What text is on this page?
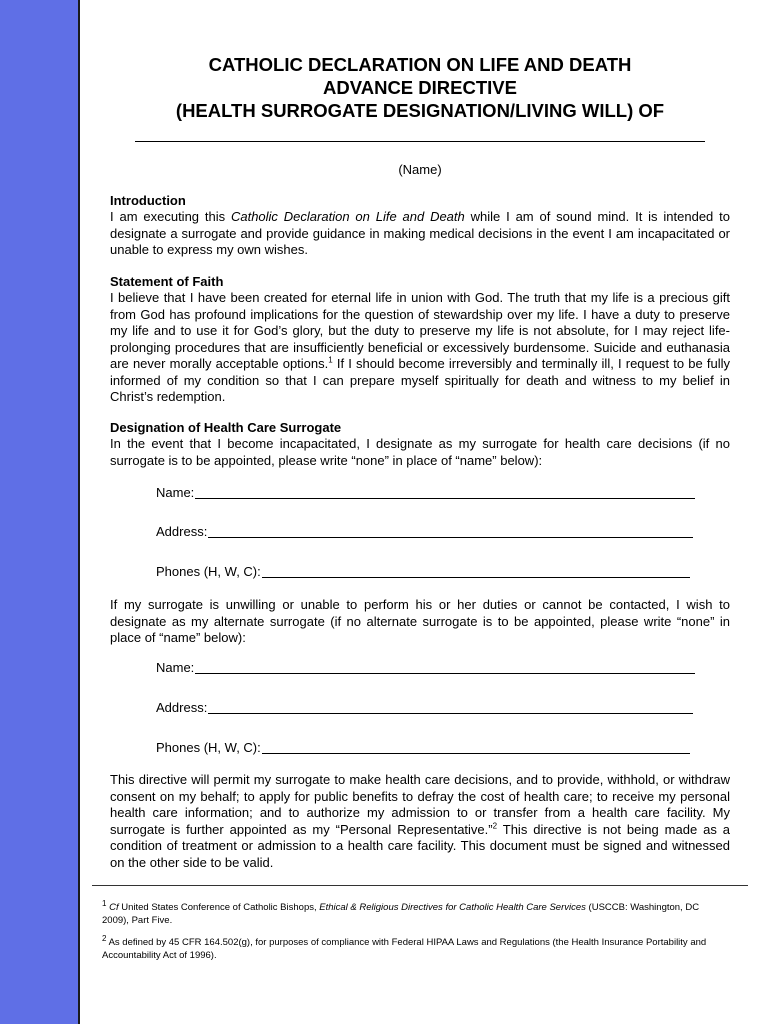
CATHOLIC DECLARATION ON LIFE AND DEATH
ADVANCE DIRECTIVE
(HEALTH SURROGATE DESIGNATION/LIVING WILL) OF
(Name)
Introduction

I am executing this Catholic Declaration on Life and Death while I am of sound mind. It is intended to designate a surrogate and provide guidance in making medical decisions in the event I am incapacitated or unable to express my own wishes.

Statement of Faith

I believe that I have been created for eternal life in union with God. The truth that my life is a precious gift from God has profound implications for the question of stewardship over my life. I have a duty to preserve my life and to use it for God’s glory, but the duty to preserve my life is not absolute, for I may reject life-prolonging procedures that are insufficiently beneficial or excessively burdensome. Suicide and euthanasia are never morally acceptable options.$^1$ If I should become irreversibly and terminally ill, I request to be fully informed of my condition so that I can prepare myself spiritually for death and witness to my belief in Christ’s redemption.

Designation of Health Care Surrogate

In the event that I become incapacitated, I designate as my surrogate for health care decisions (if no surrogate is to be appointed, please write “none” in place of “name” below):

Name:
Address:
Phones (H, W, C):

If my surrogate is unwilling or unable to perform his or her duties or cannot be contacted, I wish to designate as my alternate surrogate (if no alternate surrogate is to be appointed, please write “none” in place of “name” below):

Name:
Address:
Phones (H, W, C):

This directive will permit my surrogate to make health care decisions, and to provide, withhold, or withdraw consent on my behalf; to apply for public benefits to defray the cost of health care; to receive my personal health care information; and to authorize my admission to or transfer from a health care facility. My surrogate is further appointed as my “Personal Representative.”$^2$ This directive is not being made as a condition of treatment or admission to a health care facility. This document must be signed and witnessed on the other side to be valid.

$^1$ Cf United States Conference of Catholic Bishops, Ethical & Religious Directives for Catholic Health Care Services (USCCB: Washington, DC 2009), Part Five.

$^2$ As defined by 45 CFR 164.502(g), for purposes of compliance with Federal HIPAA Laws and Regulations (the Health Insurance Portability and Accountability Act of 1996).
